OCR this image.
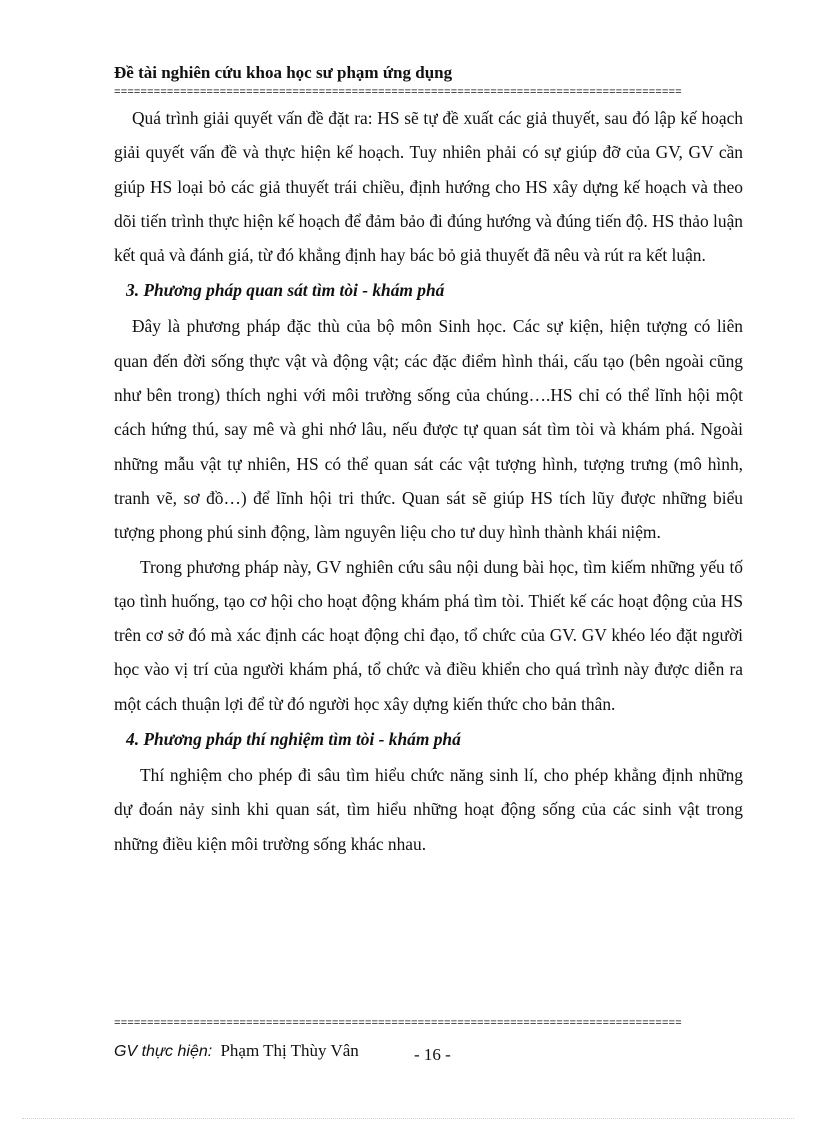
Đề tài nghiên cứu khoa học sư phạm ứng dụng
======================================================================================

Quá trình giải quyết vấn đề đặt ra: HS sẽ tự đề xuất các giả thuyết, sau đó lập kế hoạch giải quyết vấn đề và thực hiện kế hoạch. Tuy nhiên phải có sự giúp đỡ của GV, GV cần giúp HS loại bỏ các giả thuyết trái chiều, định hướng cho HS xây dựng kế hoạch và theo dõi tiến trình thực hiện kế hoạch để đảm bảo đi đúng hướng và đúng tiến độ. HS thảo luận kết quả và đánh giá, từ đó khẳng định hay bác bỏ giả thuyết đã nêu và rút ra kết luận.

3. Phương pháp quan sát tìm tòi - khám phá

Đây là phương pháp đặc thù của bộ môn Sinh học. Các sự kiện, hiện tượng có liên quan đến đời sống thực vật và động vật; các đặc điểm hình thái, cấu tạo (bên ngoài cũng như bên trong) thích nghi với môi trường sống của chúng….HS chỉ có thể lĩnh hội một cách hứng thú, say mê và ghi nhớ lâu, nếu được tự quan sát tìm tòi và khám phá. Ngoài những mẫu vật tự nhiên, HS có thể quan sát các vật tượng hình, tượng trưng (mô hình, tranh vẽ, sơ đồ…) để lĩnh hội tri thức. Quan sát sẽ giúp HS tích lũy được những biểu tượng phong phú sinh động, làm nguyên liệu cho tư duy hình thành khái niệm.

Trong phương pháp này, GV nghiên cứu sâu nội dung bài học, tìm kiếm những yếu tố tạo tình huống, tạo cơ hội cho hoạt động khám phá tìm tòi. Thiết kế các hoạt động của HS trên cơ sở đó mà xác định các hoạt động chỉ đạo, tổ chức của GV. GV khéo léo đặt người học vào vị trí của người khám phá, tổ chức và điều khiển cho quá trình này được diễn ra một cách thuận lợi để từ đó người học xây dựng kiến thức cho bản thân.

4. Phương pháp thí nghiệm tìm tòi - khám phá

Thí nghiệm cho phép đi sâu tìm hiểu chức năng sinh lí, cho phép khẳng định những dự đoán nảy sinh khi quan sát, tìm hiểu những hoạt động sống của các sinh vật trong những điều kiện môi trường sống khác nhau.

======================================================================================
GV thực hiện: Phạm Thị Thùy Vân	- 16 -
